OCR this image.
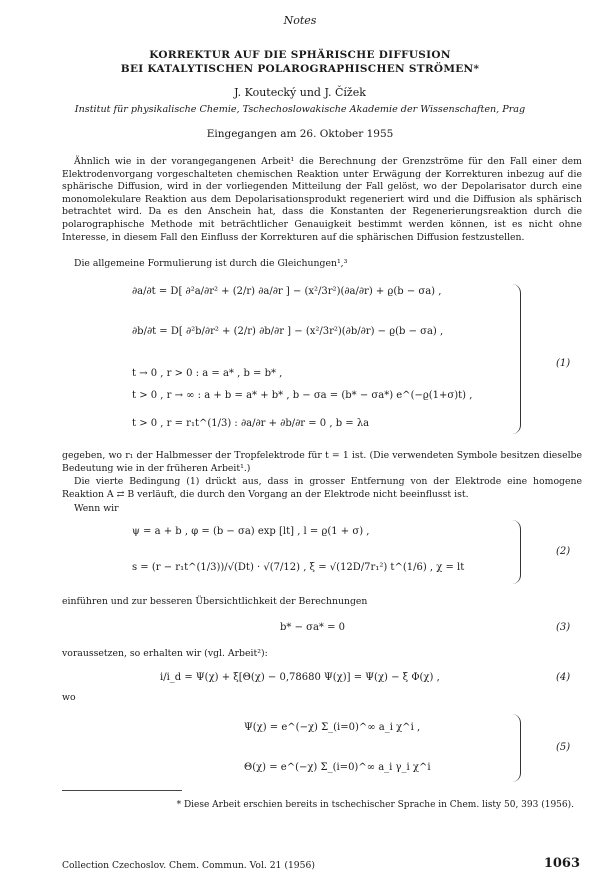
Notes
KORREKTUR AUF DIE SPHÄRISCHE DIFFUSION
BEI KATALYTISCHEN POLAROGRAPHISCHEN STRÖMEN*
J. Koutecký und J. Čížek
Institut für physikalische Chemie, Tschechoslowakische Akademie der Wissenschaften, Prag
Eingegangen am 26. Oktober 1955
Ähnlich wie in der vorangegangenen Arbeit¹ die Berechnung der Grenzströme für den Fall einer dem Elektrodenvorgang vorgeschalteten chemischen Reaktion unter Erwägung der Korrekturen inbezug auf die sphärische Diffusion, wird in der vorliegenden Mitteilung der Fall gelöst, wo der Depolarisator durch eine monomolekulare Reaktion aus dem Depolarisationsprodukt regeneriert wird und die Diffusion als sphärisch betrachtet wird. Da es den Anschein hat, dass die Konstanten der Regenerierungsreaktion durch die polarographische Methode mit beträchtlicher Genauigkeit bestimmt werden können, ist es nicht ohne Interesse, in diesem Fall den Einfluss der Korrekturen auf die sphärischen Diffusion festzustellen.
Die allgemeine Formulierung ist durch die Gleichungen¹,³
∂a/∂t = D[ ∂²a/∂r² + (2/r) ∂a/∂r ] − (x²/3r²)(∂a/∂r) + ϱ(b − σa) ,
∂b/∂t = D[ ∂²b/∂r² + (2/r) ∂b/∂r ] − (x²/3r²)(∂b/∂r) − ϱ(b − σa) ,
t → 0 , r > 0 : a = a* , b = b* ,
t > 0 , r → ∞ : a + b = a* + b* , b − σa = (b* − σa*) e^(−ϱ(1+σ)t) ,
t > 0 , r = r₁t^(1/3) : ∂a/∂r + ∂b/∂r = 0 , b = λa
(1)
gegeben, wo r₁ der Halbmesser der Tropfelektrode für t = 1 ist. (Die verwendeten Symbole besitzen dieselbe Bedeutung wie in der früheren Arbeit¹.)
Die vierte Bedingung (1) drückt aus, dass in grosser Entfernung von der Elektrode eine homogene Reaktion A ⇄ B verläuft, die durch den Vorgang an der Elektrode nicht beeinflusst ist.
Wenn wir
ψ = a + b , φ = (b − σa) exp [lt] , l = ϱ(1 + σ) ,
s = (r − r₁t^(1/3))/√(Dt) · √(7/12) , ξ = √(12D/7r₁²) t^(1/6) , χ = lt
(2)
einführen und zur besseren Übersichtlichkeit der Berechnungen
b* − σa* = 0	(3)
voraussetzen, so erhalten wir (vgl. Arbeit²):
i/i_d = Ψ(χ) + ξ[Θ(χ) − 0,78680 Ψ(χ)] = Ψ(χ) − ξ Φ(χ) ,	(4)
wo
Ψ(χ) = e^(−χ) Σ_(i=0)^∞ a_i χ^i ,
Θ(χ) = e^(−χ) Σ_(i=0)^∞ a_i γ_i χ^i
(5)
* Diese Arbeit erschien bereits in tschechischer Sprache in Chem. listy 50, 393 (1956).
Collection Czechoslov. Chem. Commun. Vol. 21 (1956)	1063
